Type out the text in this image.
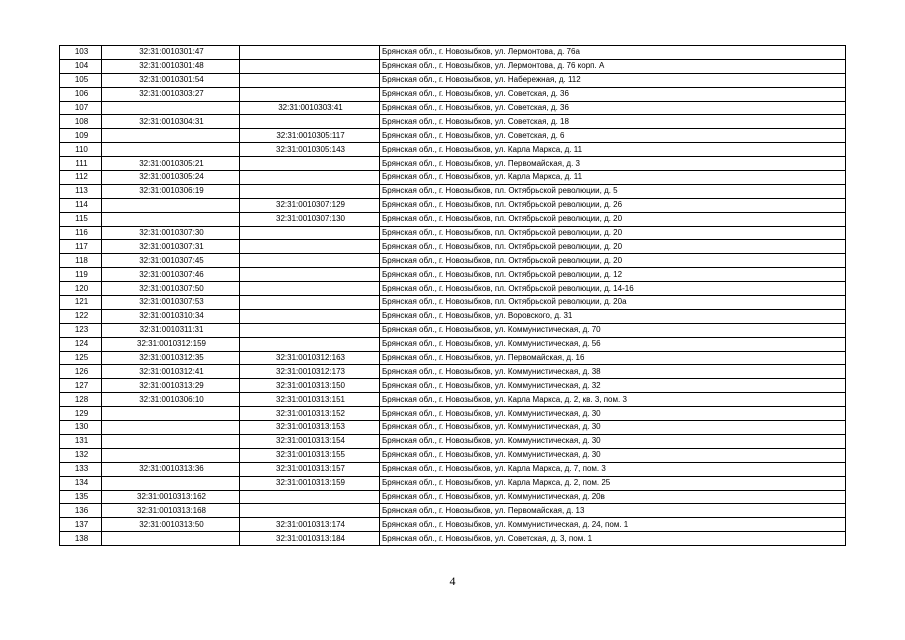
103	32:31:0010301:47		Брянская обл., г. Новозыбков, ул. Лермонтова, д. 76а
104	32:31:0010301:48		Брянская обл., г. Новозыбков, ул. Лермонтова, д. 76 корп. А
105	32:31:0010301:54		Брянская обл., г. Новозыбков, ул. Набережная, д. 112
106	32:31:0010303:27		Брянская обл., г. Новозыбков, ул. Советская, д. 36
107		32:31:0010303:41	Брянская обл., г. Новозыбков, ул. Советская, д. 36
108	32:31:0010304:31		Брянская обл., г. Новозыбков, ул. Советская, д. 18
109		32:31:0010305:117	Брянская обл., г. Новозыбков, ул. Советская, д. 6
110		32:31:0010305:143	Брянская обл., г. Новозыбков, ул. Карла Маркса, д. 11
111	32:31:0010305:21		Брянская обл., г. Новозыбков, ул. Первомайская, д. 3
112	32:31:0010305:24		Брянская обл., г. Новозыбков, ул. Карла Маркса, д. 11
113	32:31:0010306:19		Брянская обл., г. Новозыбков, пл. Октябрьской революции, д. 5
114		32:31:0010307:129	Брянская обл., г. Новозыбков, пл. Октябрьской революции, д. 26
115		32:31:0010307:130	Брянская обл., г. Новозыбков, пл. Октябрьской революции, д. 20
116	32:31:0010307:30		Брянская обл., г. Новозыбков, пл. Октябрьской революции, д. 20
117	32:31:0010307:31		Брянская обл., г. Новозыбков, пл. Октябрьской революции, д. 20
118	32:31:0010307:45		Брянская обл., г. Новозыбков, пл. Октябрьской революции, д. 20
119	32:31:0010307:46		Брянская обл., г. Новозыбков, пл. Октябрьской революции, д. 12
120	32:31:0010307:50		Брянская обл., г. Новозыбков, пл. Октябрьской революции, д. 14-16
121	32:31:0010307:53		Брянская обл., г. Новозыбков, пл. Октябрьской революции, д. 20а
122	32:31:0010310:34		Брянская обл., г. Новозыбков, ул. Воровского, д. 31
123	32:31:0010311:31		Брянская обл., г. Новозыбков, ул. Коммунистическая, д. 70
124	32:31:0010312:159		Брянская обл., г. Новозыбков, ул. Коммунистическая, д. 56
125	32:31:0010312:35	32:31:0010312:163	Брянская обл., г. Новозыбков, ул. Первомайская, д. 16
126	32:31:0010312:41	32:31:0010312:173	Брянская обл., г. Новозыбков, ул. Коммунистическая, д. 38
127	32:31:0010313:29	32:31:0010313:150	Брянская обл., г. Новозыбков, ул. Коммунистическая, д. 32
128	32:31:0010306:10	32:31:0010313:151	Брянская обл., г. Новозыбков, ул. Карла Маркса, д. 2, кв. 3, пом. 3
129		32:31:0010313:152	Брянская обл., г. Новозыбков, ул. Коммунистическая, д. 30
130		32:31:0010313:153	Брянская обл., г. Новозыбков, ул. Коммунистическая, д. 30
131		32:31:0010313:154	Брянская обл., г. Новозыбков, ул. Коммунистическая, д. 30
132		32:31:0010313:155	Брянская обл., г. Новозыбков, ул. Коммунистическая, д. 30
133	32:31:0010313:36	32:31:0010313:157	Брянская обл., г. Новозыбков, ул. Карла Маркса, д. 7, пом. 3
134		32:31:0010313:159	Брянская обл., г. Новозыбков, ул. Карла Маркса, д. 2, пом. 25
135	32:31:0010313:162		Брянская обл., г. Новозыбков, ул. Коммунистическая, д. 20в
136	32:31:0010313:168		Брянская обл., г. Новозыбков, ул. Первомайская, д. 13
137	32:31:0010313:50	32:31:0010313:174	Брянская обл., г. Новозыбков, ул. Коммунистическая, д. 24, пом. 1
138		32:31:0010313:184	Брянская обл., г. Новозыбков, ул. Советская, д. 3, пом. 1
4
